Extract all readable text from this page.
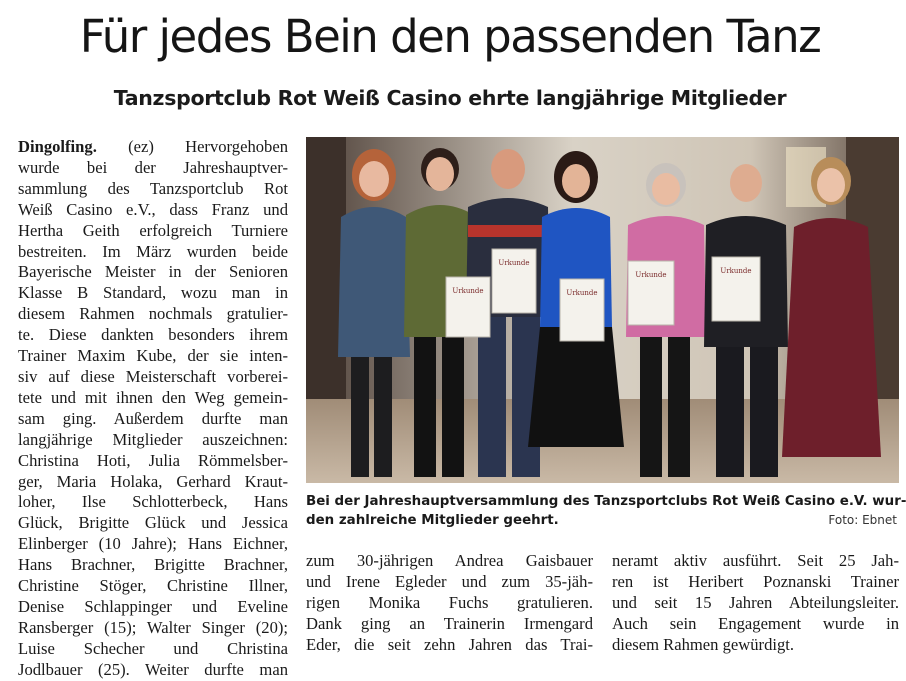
Für jedes Bein den passenden Tanz
Tanzsportclub Rot Weiß Casino ehrte langjährige Mitglieder
Dingolfing. (ez) Hervorgehoben
wurde bei der Jahreshauptver-
sammlung des Tanzsportclub Rot
Weiß Casino e.V., dass Franz und
Hertha Geith erfolgreich Turniere
bestreiten. Im März wurden beide
Bayerische Meister in der Senioren
Klasse B Standard, wozu man in
diesem Rahmen nochmals gratulier-
te. Diese dankten besonders ihrem
Trainer Maxim Kube, der sie inten-
siv auf diese Meisterschaft vorberei-
tete und mit ihnen den Weg gemein-
sam ging. Außerdem durfte man
langjährige Mitglieder auszeichnen:
Christina Hoti, Julia Römmelsber-
ger, Maria Holaka, Gerhard Kraut-
loher, Ilse Schlotterbeck, Hans
Glück, Brigitte Glück und Jessica
Elinberger (10 Jahre); Hans Eichner,
Hans Brachner, Brigitte Brachner,
Christine Stöger, Christine Illner,
Denise Schlappinger und Eveline
Ransberger (15); Walter Singer (20);
Luise Schecher und Christina
Jodlbauer (25). Weiter durfte man
Urkunde
Urkunde
Urkunde
Urkunde	Urkunde
Bei der Jahreshauptversammlung des Tanzsportclubs Rot Weiß Casino e.V. wur-
den zahlreiche Mitglieder geehrt.	Foto: Ebnet
zum 30-jährigen Andrea Gaisbauer
und Irene Egleder und zum 35-jäh-
rigen Monika Fuchs gratulieren.
Dank ging an Trainerin Irmengard
Eder, die seit zehn Jahren das Trai-
neramt aktiv ausführt. Seit 25 Jah-
ren ist Heribert Poznanski Trainer
und seit 15 Jahren Abteilungsleiter.
Auch sein Engagement wurde in
diesem Rahmen gewürdigt.
